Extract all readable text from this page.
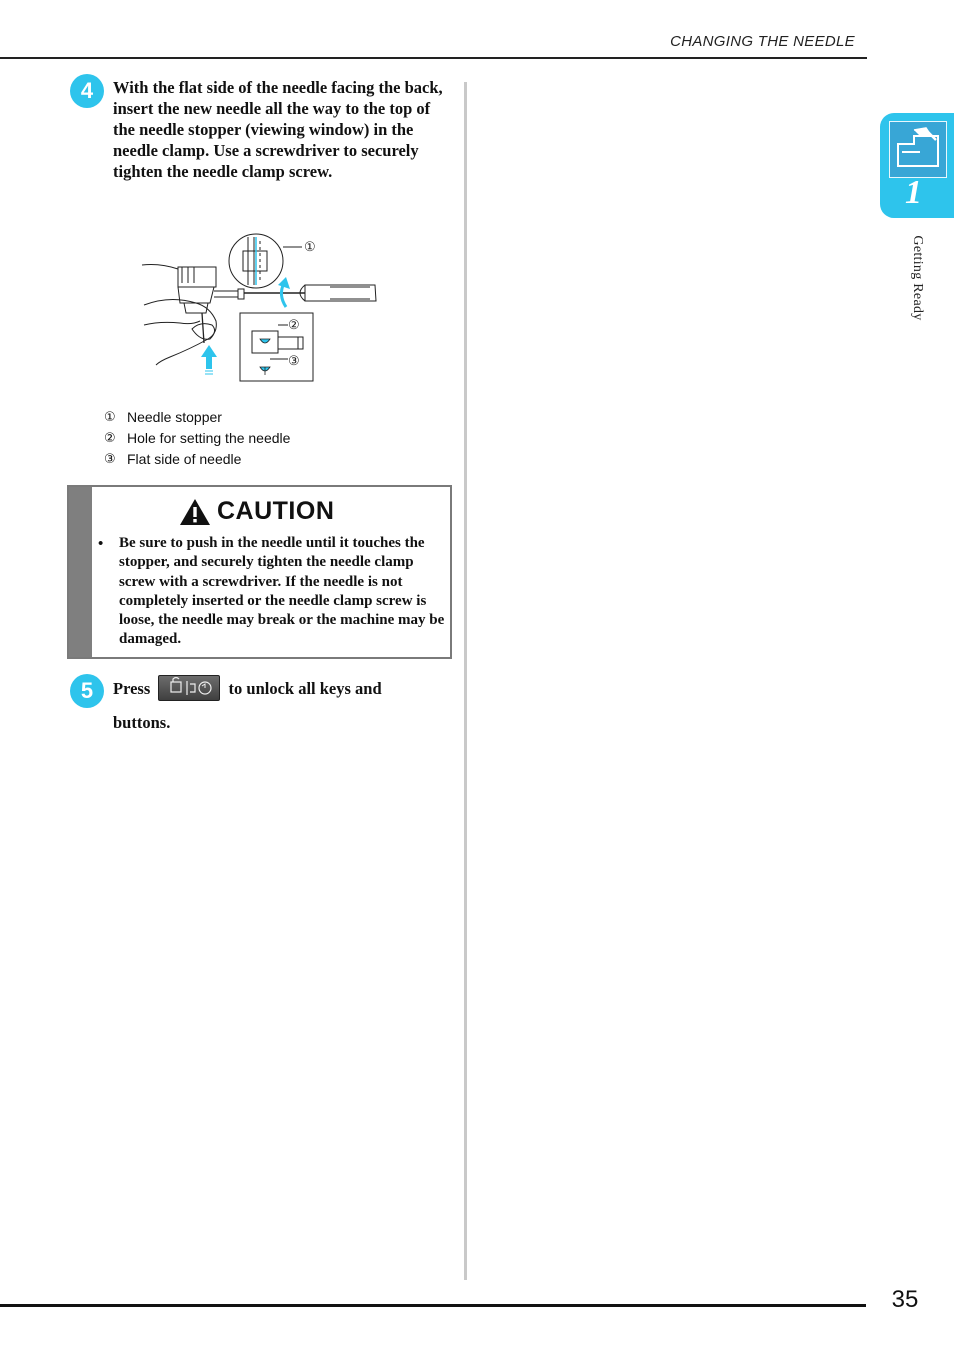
CHANGING THE NEEDLE
4	With the flat side of the needle facing the back, insert the new needle all the way to the top of the needle stopper (viewing window) in the needle clamp. Use a screwdriver to securely tighten the needle clamp screw.
①
②
③
① Needle stopper
② Hole for setting the needle
③ Flat side of needle
CAUTION
• Be sure to push in the needle until it touches the stopper, and securely tighten the needle clamp screw with a screwdriver. If the needle is not completely inserted or the needle clamp screw is loose, the needle may break or the machine may be damaged.
5	Press	to unlock all keys and
buttons.
1
Getting Ready
35
